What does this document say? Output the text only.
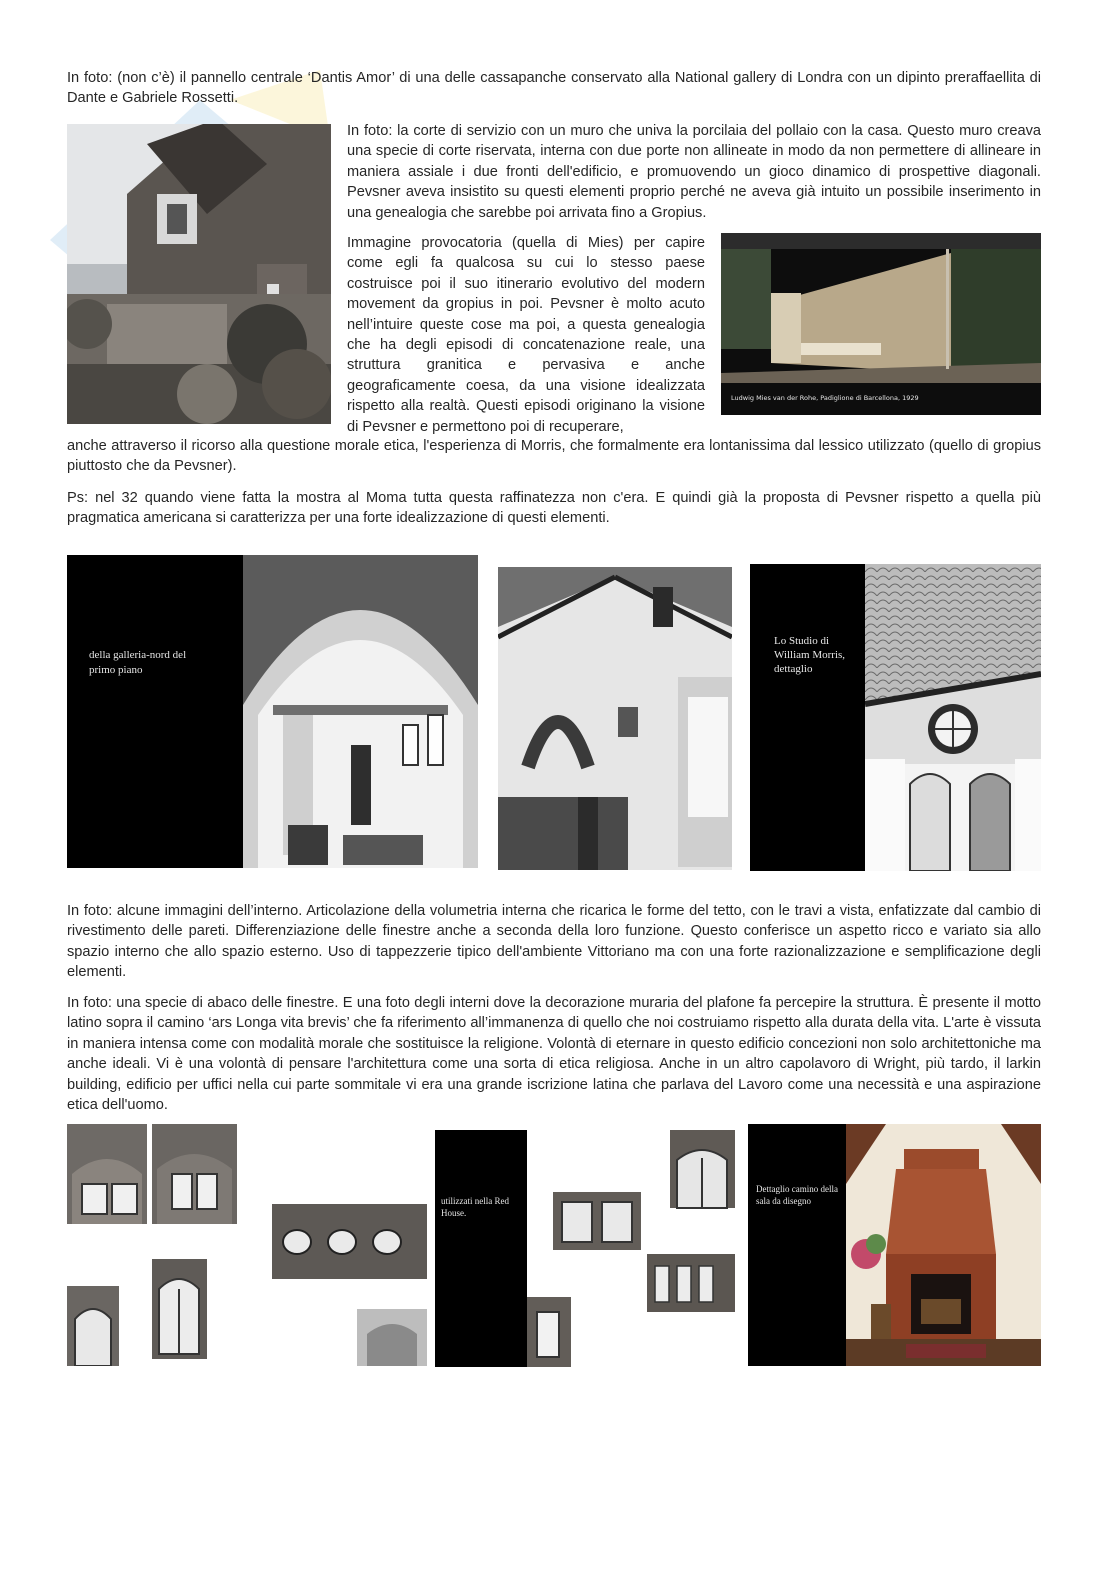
In foto: (non c’è) il pannello centrale ‘Dantis Amor’ di una delle cassapanche conservato alla National gallery di Londra con un dipinto preraffaellita di Dante e Gabriele Rossetti.
In foto: la corte di servizio con un muro che univa la porcilaia del pollaio con la casa. Questo muro creava una specie di corte riservata, interna con due porte non allineate in modo da non permettere di allineare in maniera assiale i due fronti dell'edificio, e promuovendo un gioco dinamico di prospettive diagonali. Pevsner aveva insistito su questi elementi proprio perché ne aveva già intuito un possibile inserimento in una genealogia che sarebbe poi arrivata fino a Gropius.
Immagine provocatoria (quella di Mies) per capire come egli fa qualcosa su cui lo stesso paese costruisce poi il suo itinerario evolutivo del modern movement da gropius in poi. Pevsner è molto acuto nell’intuire queste cose ma poi, a questa genealogia che ha degli episodi di concatenazione reale, una struttura granitica e pervasiva e anche geograficamente coesa, da una visione idealizzata rispetto alla realtà. Questi episodi originano la visione di Pevsner e permettono poi di recuperare,
Ludwig Mies van der Rohe, Padiglione di Barcellona, 1929
anche attraverso il ricorso alla questione morale etica, l'esperienza di Morris, che formalmente era lontanissima dal lessico utilizzato (quello di gropius piuttosto che da Pevsner).
Ps: nel 32 quando viene fatta la mostra al Moma tutta questa raffinatezza non c'era. E quindi già la proposta di Pevsner rispetto a quella più pragmatica americana si caratterizza per una forte idealizzazione di questi elementi.
della galleria-nord del
primo piano
Lo Studio di
William Morris,
dettaglio
In foto: alcune immagini dell’interno. Articolazione della volumetria interna che ricarica le forme del tetto, con le travi a vista, enfatizzate dal cambio di rivestimento delle pareti. Differenziazione delle finestre anche a seconda della loro funzione. Questo conferisce un aspetto ricco e variato sia allo spazio interno che allo spazio esterno. Uso di tappezzerie tipico dell'ambiente Vittoriano ma con una forte razionalizzazione e semplificazione degli elementi.
In foto: una specie di abaco delle finestre. E una foto degli interni dove la decorazione muraria del plafone fa percepire la struttura. È presente il motto latino sopra il camino ‘ars Longa vita brevis’ che fa riferimento all’immanenza di quello che noi costruiamo rispetto alla durata della vita. L'arte è vissuta in maniera intensa come con modalità morale che sostituisce la religione. Volontà di eternare in questo edificio concezioni non solo architettoniche ma anche ideali. Vi è una volontà di pensare l'architettura come una sorta di etica religiosa. Anche in un altro capolavoro di Wright, più tardo, il larkin building, edificio per uffici nella cui parte sommitale vi era una grande iscrizione latina che parlava del Lavoro come una necessità e una aspirazione etica dell'uomo.
utilizzati nella Red
House.
Dettaglio camino della
sala da disegno
